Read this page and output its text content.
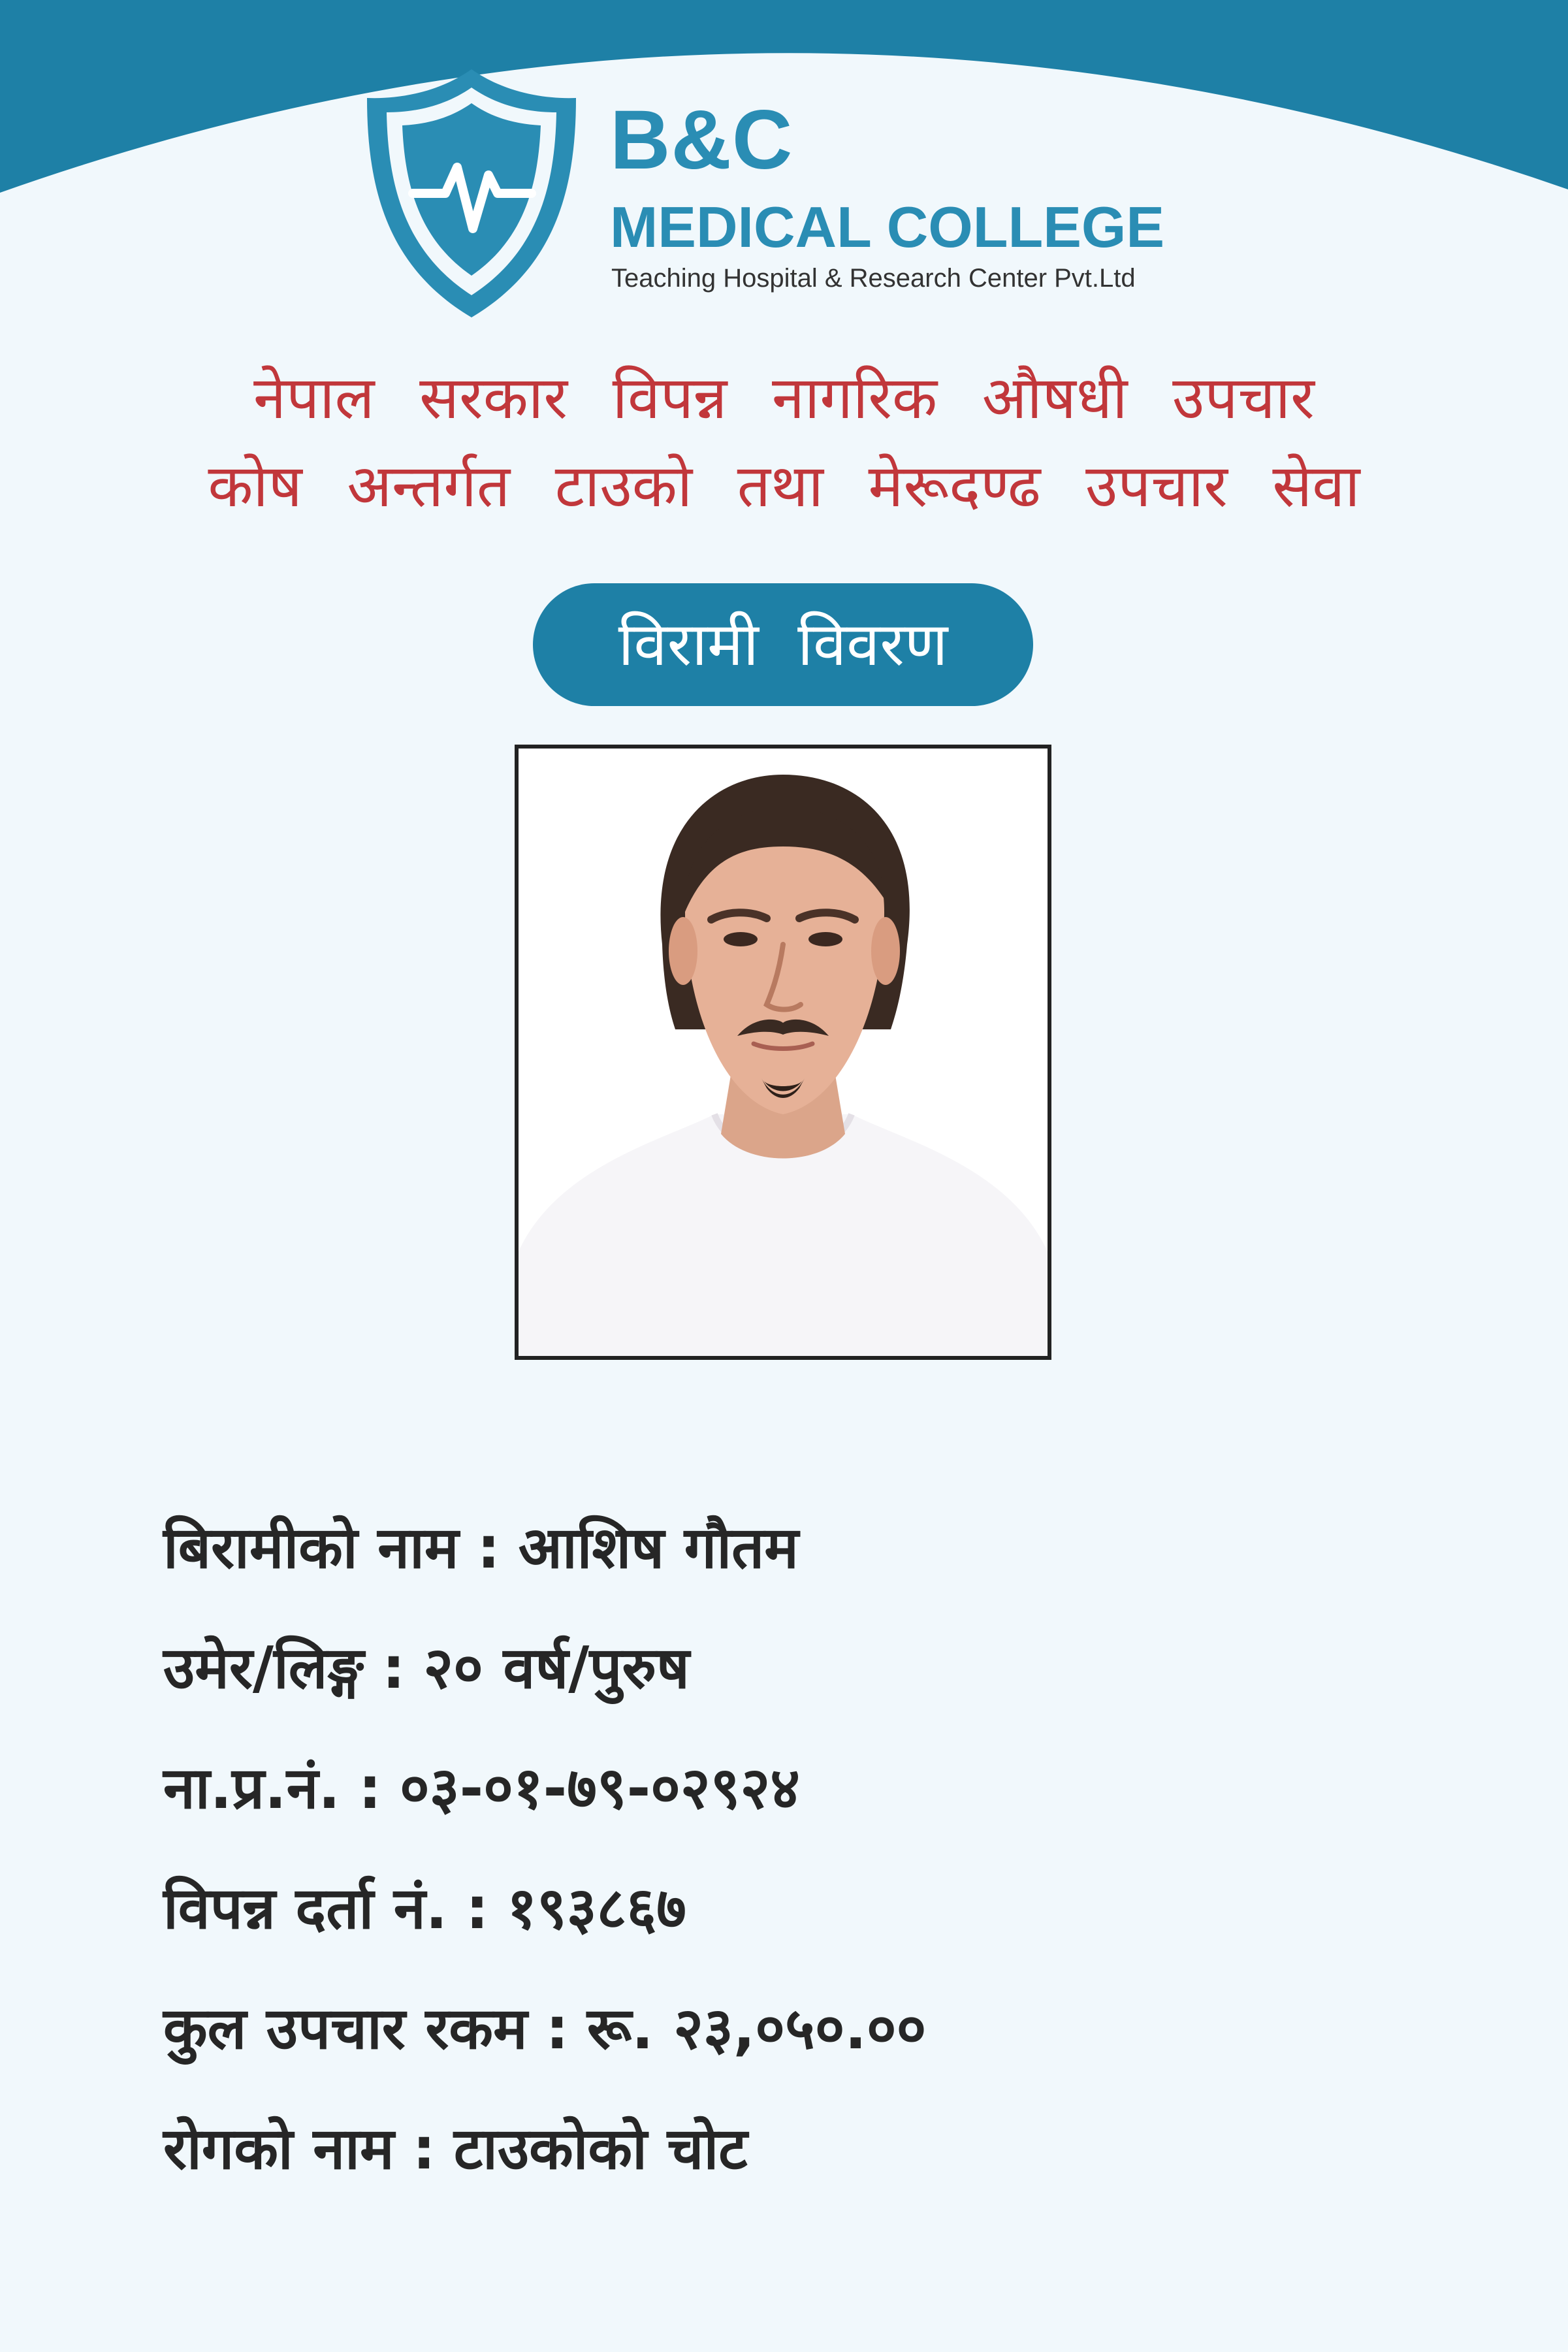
B&C
MEDICAL COLLEGE
Teaching Hospital & Research Center Pvt.Ltd
नेपाल सरकार विपन्न नागरिक औषधी उपचार
कोष अन्तर्गत टाउको तथा मेरूदण्ढ उपचार सेवा
विरामी विवरण
बिरामीको नाम : आशिष गौतम
उमेर/लिङ्ग : २० वर्ष/पुरुष
ना.प्र.नं. : ०३-०१-७९-०२९२४
विपन्न दर्ता नं. : १९३८६७
कुल उपचार रकम : रू. २३,०५०.००
रोगको नाम : टाउकोको चोट
